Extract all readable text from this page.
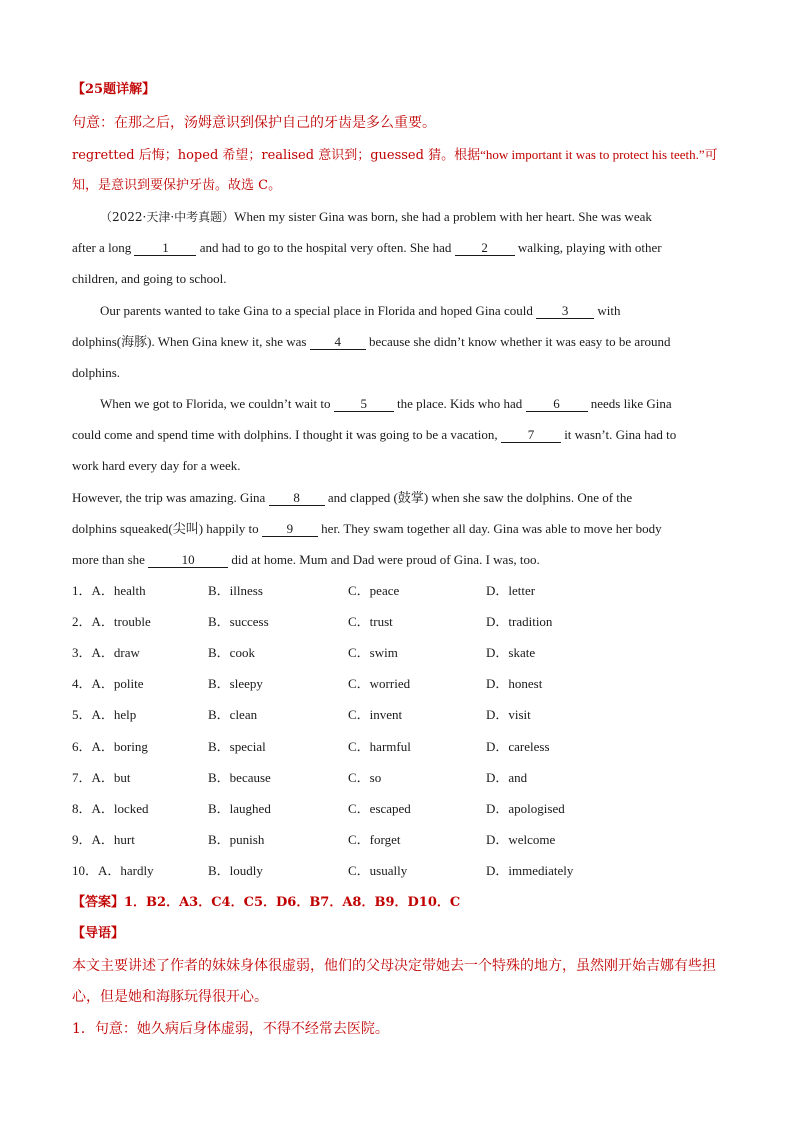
【25题详解】
句意：在那之后，汤姆意识到保护自己的牙齿是多么重要。
regretted 后悔；hoped 希望；realised 意识到；guessed 猜。根据“how important it was to protect his teeth.”可
知，是意识到要保护牙齿。故选 C。
（2022·天津·中考真题）When my sister Gina was born, she had a problem with her heart. She was weak
after a long 1 and had to go to the hospital very often. She had 2 walking, playing with other
children, and going to school.
Our parents wanted to take Gina to a special place in Florida and hoped Gina could 3 with
dolphins(海豚). When Gina knew it, she was 4 because she didn’t know whether it was easy to be around
dolphins.
When we got to Florida, we couldn’t wait to 5 the place. Kids who had 6 needs like Gina
could come and spend time with dolphins. I thought it was going to be a vacation, 7 it wasn’t. Gina had to
work hard every day for a week.
However, the trip was amazing. Gina 8 and clapped (鼓掌) when she saw the dolphins. One of the
dolphins squeaked(尖叫) happily to 9 her. They swam together all day. Gina was able to move her body
more than she	10	did at home. Mum and Dad were proud of Gina. I was, too.
1．A．health	B．illness	C．peace	D．letter
2．A．trouble	B．success	C．trust	D．tradition
3．A．draw	B．cook	C．swim	D．skate
4．A．polite	B．sleepy	C．worried	D．honest
5．A．help	B．clean	C．invent	D．visit
6．A．boring	B．special	C．harmful	D．careless
7．A．but	B．because	C．so	D．and
8．A．locked	B．laughed	C．escaped	D．apologised
9．A．hurt	B．punish	C．forget	D．welcome
10．A．hardly	B．loudly	C．usually	D．immediately
【答案】1．B2．A3．C4．C5．D6．B7．A8．B9．D10．C
【导语】
本文主要讲述了作者的妹妹身体很虚弱，他们的父母决定带她去一个特殊的地方，虽然刚开始吉娜有些担
心，但是她和海豚玩得很开心。
1．句意：她久病后身体虚弱，不得不经常去医院。
